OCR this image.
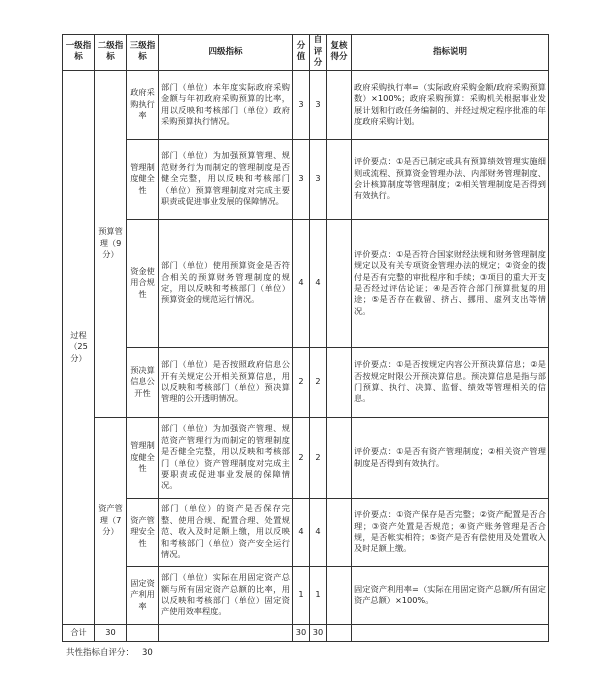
一级指标	二级指标	三级指标	四级指标	分值	自评分	复核得分	指标说明
过程（25分）	预算管理（9分）	政府采购执行率	部门（单位）本年度实际政府采购金额与年初政府采购预算的比率，用以反映和考核部门（单位）政府采购预算执行情况。	3	3		政府采购执行率=（实际政府采购金额/政府采购预算数）×100%；政府采购预算：采购机关根据事业发展计划和行政任务编制的、并经过规定程序批准的年度政府采购计划。
		管理制度健全性	部门（单位）为加强预算管理、规范财务行为而制定的管理制度是否健全完整，用以反映和考核部门（单位）预算管理制度对完成主要职责或促进事业发展的保障情况。	3	3		评价要点：①是否已制定或具有预算绩效管理实施细则或流程、预算资金管理办法、内部财务管理制度、会计核算制度等管理制度；②相关管理制度是否得到有效执行。
		资金使用合规性	部门（单位）使用预算资金是否符合相关的预算财务管理制度的规定，用以反映和考核部门（单位）预算资金的规范运行情况。	4	4		评价要点：①是否符合国家财经法规和财务管理制度规定以及有关专项资金管理办法的规定；②资金的拨付是否有完整的审批程序和手续；③项目的重大开支是否经过评估论证；④是否符合部门预算批复的用途；⑤是否存在截留、挤占、挪用、虚列支出等情况。
		预决算信息公开性	部门（单位）是否按照政府信息公开有关规定公开相关预算信息，用以反映和考核部门（单位）预决算管理的公开透明情况。	2	2		评价要点：①是否按规定内容公开预决算信息；②是否按规定时限公开预决算信息。预决算信息是指与部门预算、执行、决算、监督、绩效等管理相关的信息。
	资产管理（7分）	管理制度健全性	部门（单位）为加强资产管理、规范资产管理行为而制定的管理制度是否健全完整，用以反映和考核部门（单位）资产管理制度对完成主要职责或促进事业发展的保障情况。	2	2		评价要点：①是否有资产管理制度；②相关资产管理制度是否得到有效执行。
		资产管理安全性	部门（单位）的资产是否保存完整、使用合规、配置合理、处置规范、收入及时足额上缴，用以反映和考核部门（单位）资产安全运行情况。	4	4		评价要点：①资产保存是否完整；②资产配置是否合理；③资产处置是否规范；④资产账务管理是否合规，是否帐实相符；⑤资产是否有偿使用及处置收入及时足额上缴。
		固定资产利用率	部门（单位）实际在用固定资产总额与所有固定资产总额的比率，用以反映和考核部门（单位）固定资产使用效率程度。	1	1		固定资产利用率=（实际在用固定资产总额/所有固定资产总额）×100%。
合计	30			30	30		
共性指标自评分： 30
